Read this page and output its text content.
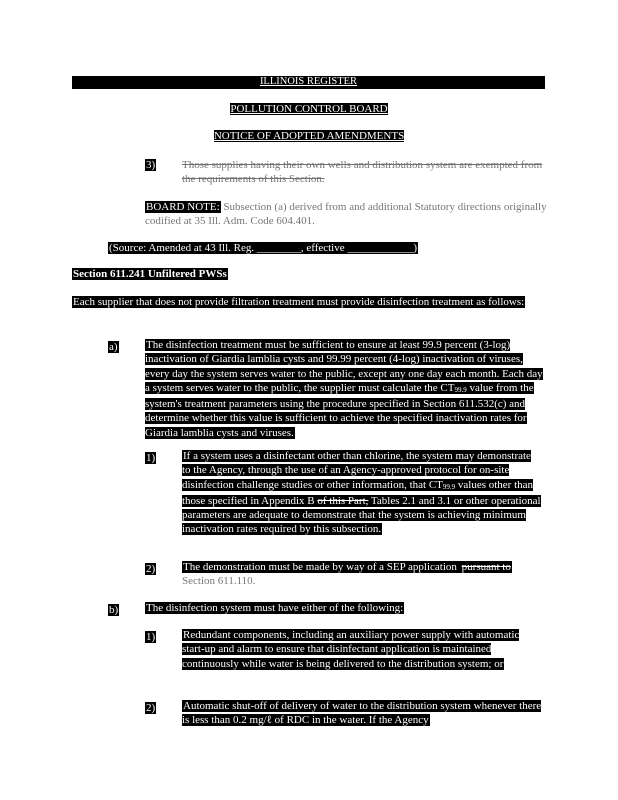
ILLINOIS REGISTER
POLLUTION CONTROL BOARD
NOTICE OF ADOPTED AMENDMENTS
3) Those supplies having their own wells and distribution system are exempted from the requirements of this Section.
BOARD NOTE: Subsection (a) derived from and additional Statutory directions originally codified at 35 Ill. Adm. Code 604.401.
(Source: Amended at 43 Ill. Reg. ________, effective ____________)
Section 611.241 Unfiltered PWSs
Each supplier that does not provide filtration treatment must provide disinfection treatment as follows:
a)	The disinfection treatment must be sufficient to ensure at least 99.9 percent (3-log) inactivation of Giardia lamblia cysts and 99.99 percent (4-log) inactivation of viruses, every day the system serves water to the public, except any one day each month. Each day a system serves water to the public, the supplier must calculate the $CT_{99.9}$ value from the system's treatment parameters using the procedure specified in Section 611.532(c) and determine whether this value is sufficient to achieve the specified inactivation rates for Giardia lamblia cysts and viruses.
1)	If a system uses a disinfectant other than chlorine, the system may demonstrate to the Agency, through the use of an Agency-approved protocol for on-site disinfection challenge studies or other information, that $CT_{99.9}$ values other than those specified in Appendix B of this Part, Tables 2.1 and 3.1 or other operational parameters are adequate to demonstrate that the system is achieving minimum inactivation rates required by this subsection.
2)	The demonstration must be made by way of a SEP application pursuant to
Section 611.110.
b)	The disinfection system must have either of the following:
1)	Redundant components, including an auxiliary power supply with automatic start-up and alarm to ensure that disinfectant application is maintained continuously while water is being delivered to the distribution system; or
2)	Automatic shut-off of delivery of water to the distribution system whenever there is less than 0.2 mg/ℓ of RDC in the water. If the Agency
